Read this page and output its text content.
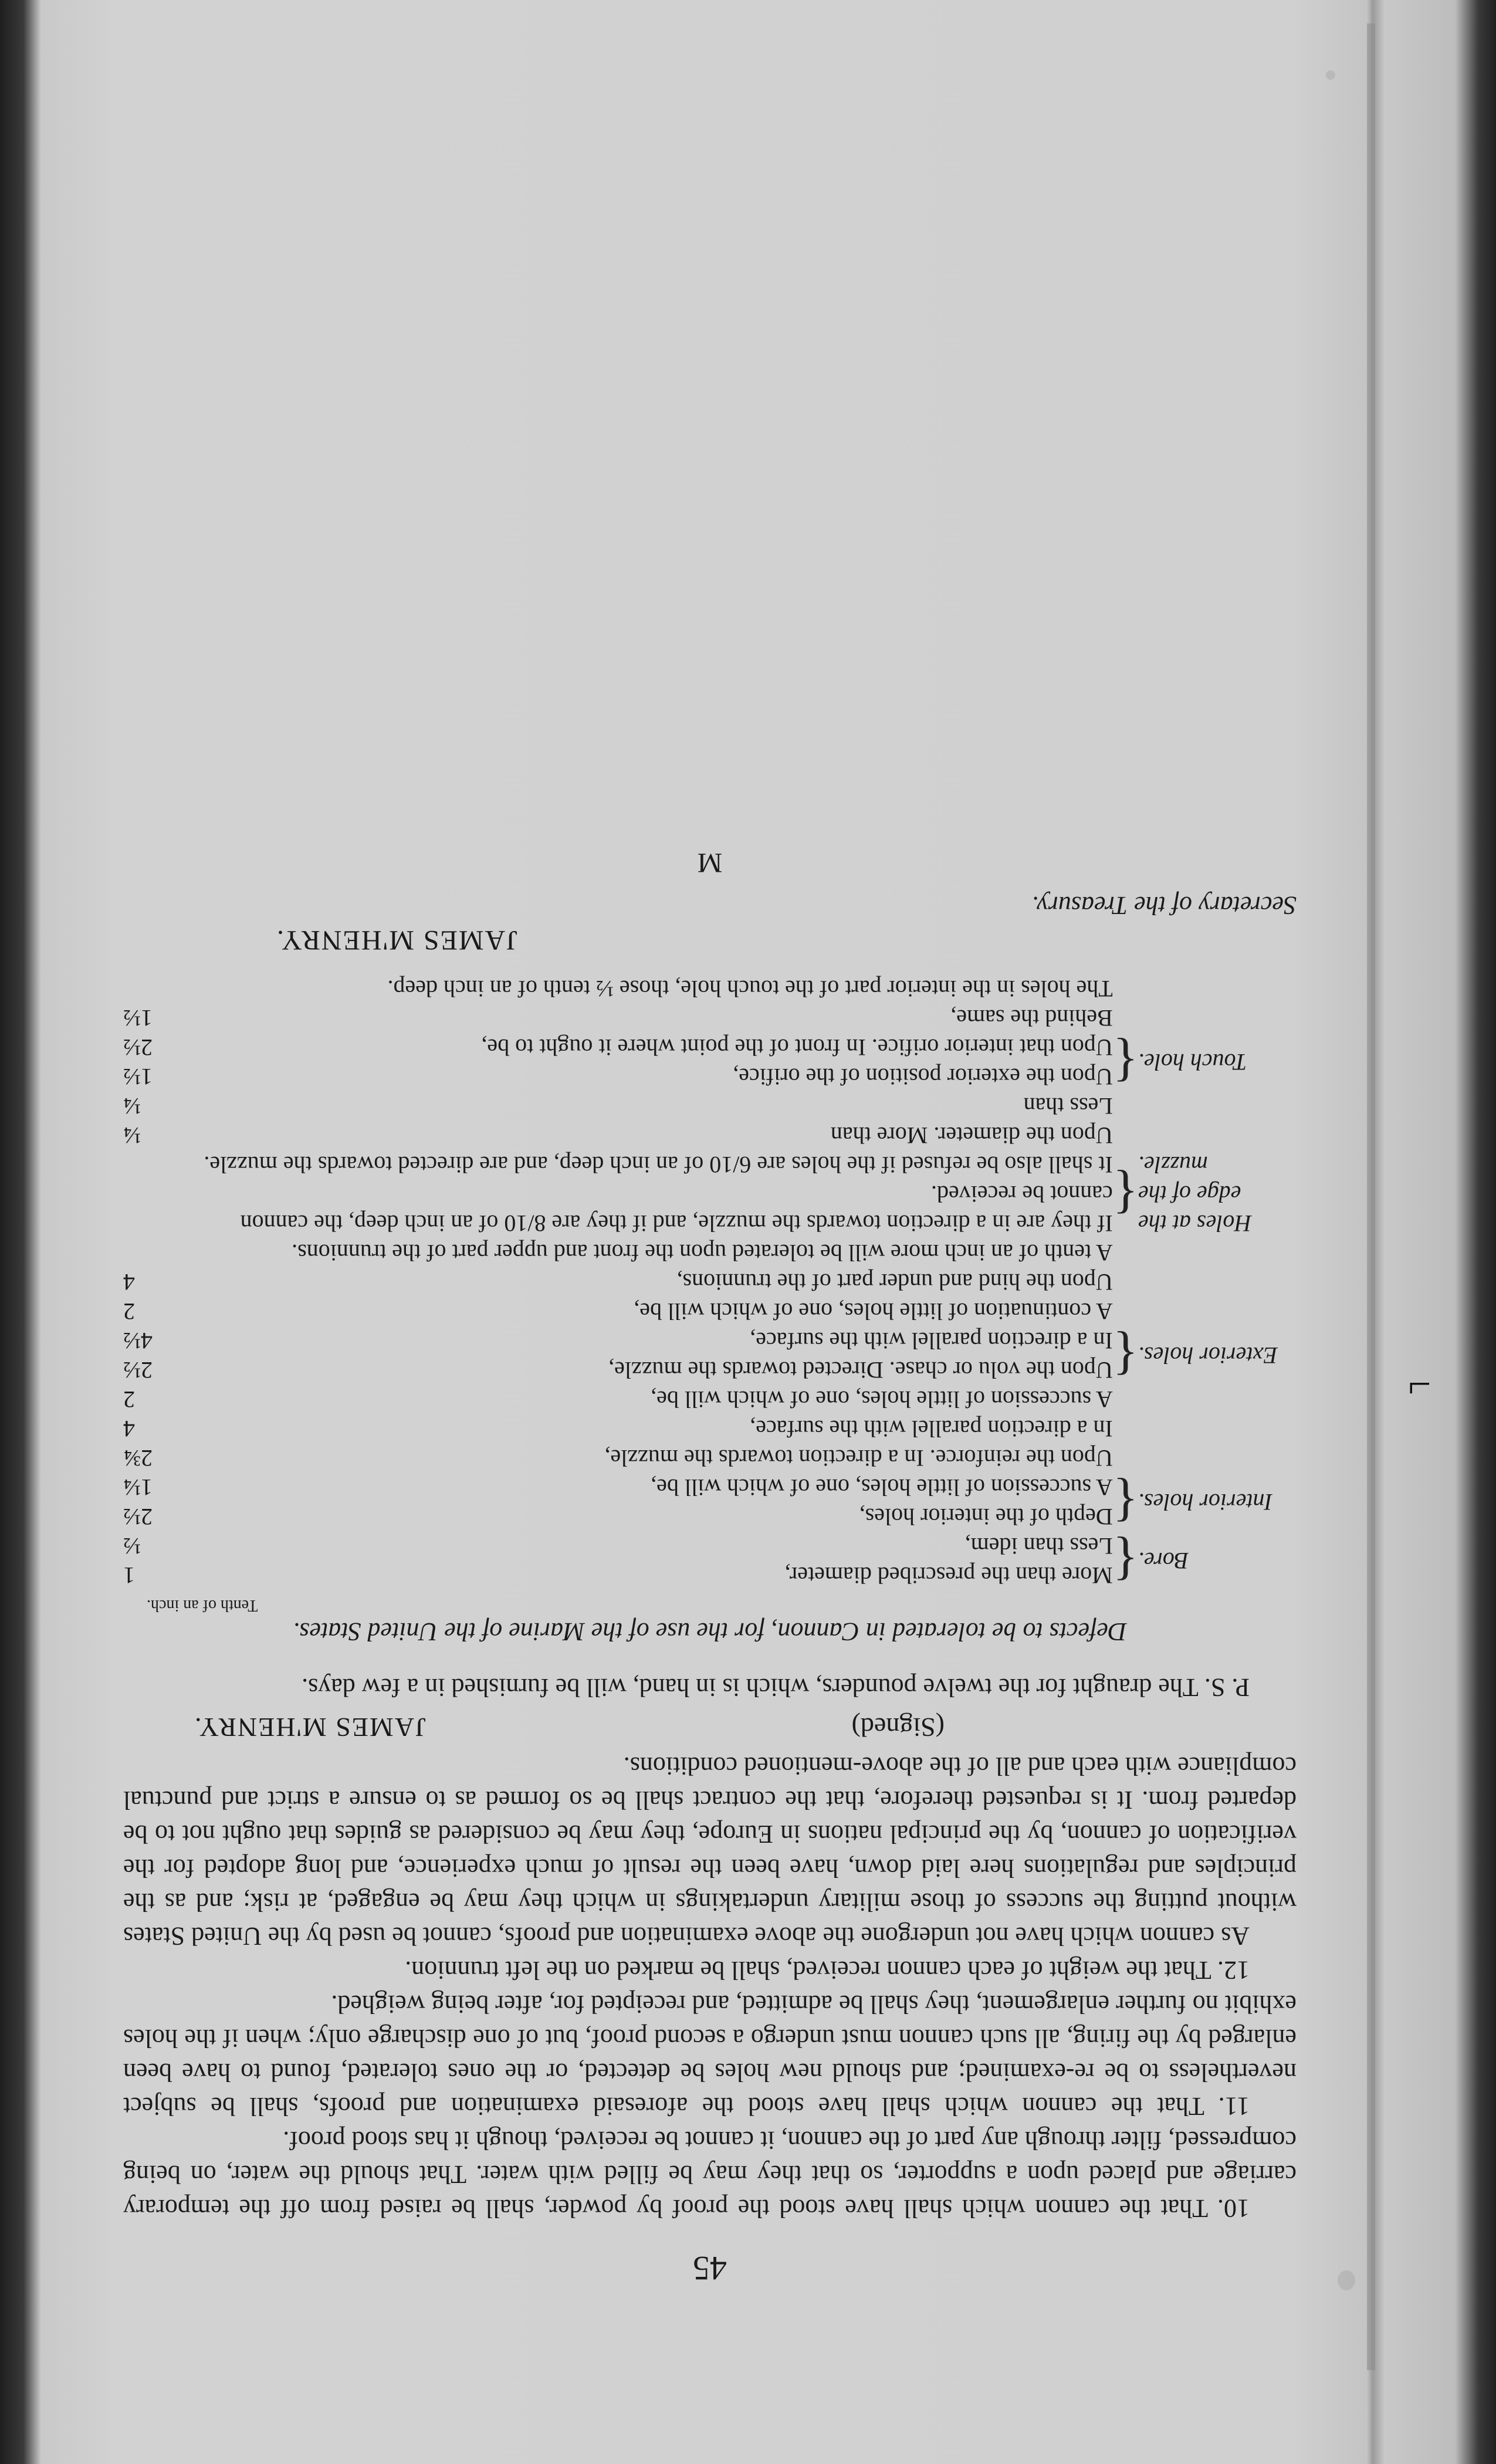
⌐
45

10. That the cannon which shall have stood the proof by powder, shall be raised from off the temporary carriage and placed upon a supporter, so that they may be filled with water. That should the water, on being compressed, filter through any part of the cannon, it cannot be received, though it has stood proof.

11. That the cannon which shall have stood the aforesaid examination and proofs, shall be subject nevertheless to be re-examined; and should new holes be detected, or the ones tolerated, found to have been enlarged by the firing, all such cannon must undergo a second proof, but of one discharge only; when if the holes exhibit no further enlargement, they shall be admitted, and receipted for, after being weighed.

12. That the weight of each cannon received, shall be marked on the left trunnion.

As cannon which have not undergone the above examination and proofs, cannot be used by the United States without putting the success of those military undertakings in which they may be engaged, at risk; and as the principles and regulations here laid down, have been the result of much experience, and long adopted for the verification of cannon, by the principal nations in Europe, they may be considered as guides that ought not to be departed from. It is requested therefore, that the contract shall be so formed as to ensure a strict and punctual compliance with each and all of the above-mentioned conditions.

(Signed)
JAMES M'HENRY.

P. S. The draught for the twelve pounders, which is in hand, will be furnished in a few days.

Defects to be tolerated in Cannon, for the use of the Marine of the United States.
Tenth of an inch.
Bore.	{	More than the prescribed diameter,	1
		Less than idem,	½
Interior holes.	{	Depth of the interior holes,	2½
		A succession of little holes, one of which will be,	1¼
Exterior holes.	{	Upon the reinforce. In a direction towards the muzzle,	2¾
		In a direction parallel with the surface,	4
		A succession of little holes, one of which will be,	2
		Upon the volu or chase. Directed towards the muzzle,	2½
		In a direction parallel with the surface,	4½
		A continuation of little holes, one of which will be,	2
		Upon the hind and under part of the trunnions,	4
		A tenth of an inch more will be tolerated upon the front and upper part of the trunnions.	
Holes at the edge of the muzzle.	{	If they are in a direction towards the muzzle, and if they are 8/10 of an inch deep, the cannon cannot be received.	
		It shall also be refused if the holes are 6/10 of an inch deep, and are directed towards the muzzle.	
Touch hole.	{	Upon the diameter. More than	¼
		Less than	¼
		Upon the exterior position of the orifice,	1½
		Upon that interior orifice. In front of the point where it ought to be,	2½
		Behind the same,	1½
		The holes in the interior part of the touch hole, those ½ tenth of an inch deep.	
JAMES M'HENRY.
Secretary of the Treasury.
M
